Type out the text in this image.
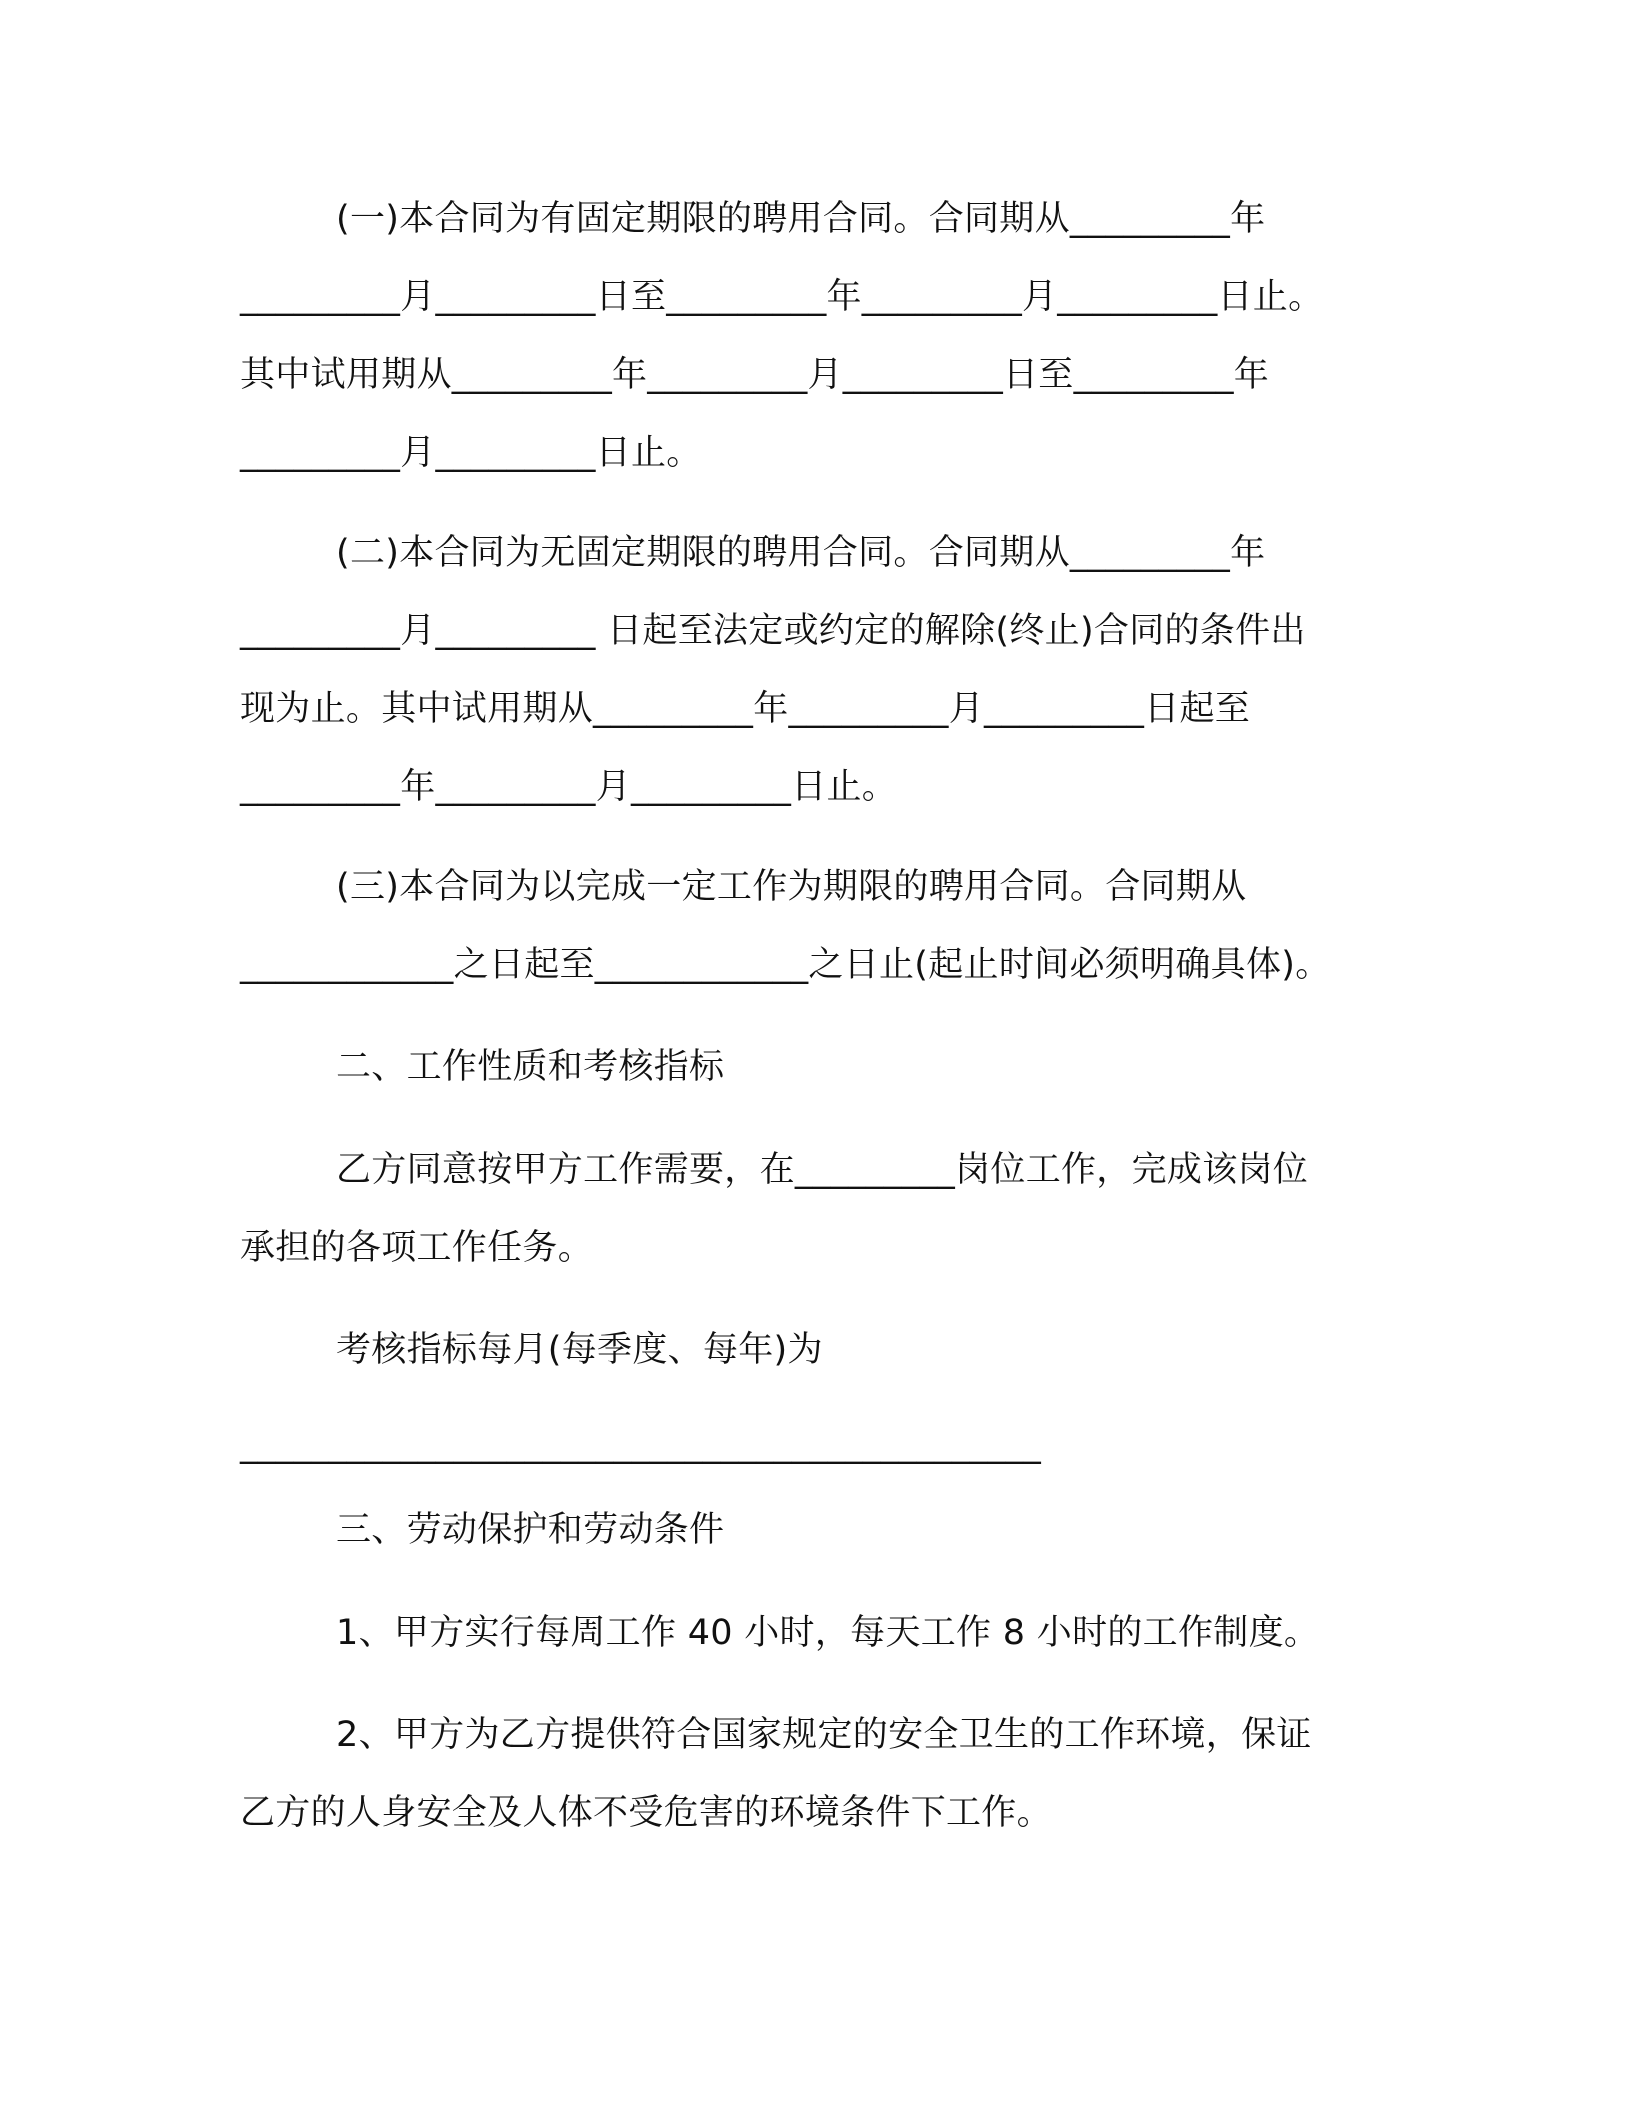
(一)本合同为有固定期限的聘用合同。合同期从_________年

_________月_________日至_________年_________月_________日止。

其中试用期从_________年_________月_________日至_________年

_________月_________日止。

(二)本合同为无固定期限的聘用合同。合同期从_________年

_________月_________ 日起至法定或约定的解除(终止)合同的条件出

现为止。其中试用期从_________年_________月_________日起至

_________年_________月_________日止。

(三)本合同为以完成一定工作为期限的聘用合同。合同期从

____________之日起至____________之日止(起止时间必须明确具体)。

二、工作性质和考核指标

乙方同意按甲方工作需要，在_________岗位工作，完成该岗位

承担的各项工作任务。

考核指标每月(每季度、每年)为

_____________________________________________

三、劳动保护和劳动条件

1、甲方实行每周工作 40 小时，每天工作 8 小时的工作制度。

2、甲方为乙方提供符合国家规定的安全卫生的工作环境，保证

乙方的人身安全及人体不受危害的环境条件下工作。
